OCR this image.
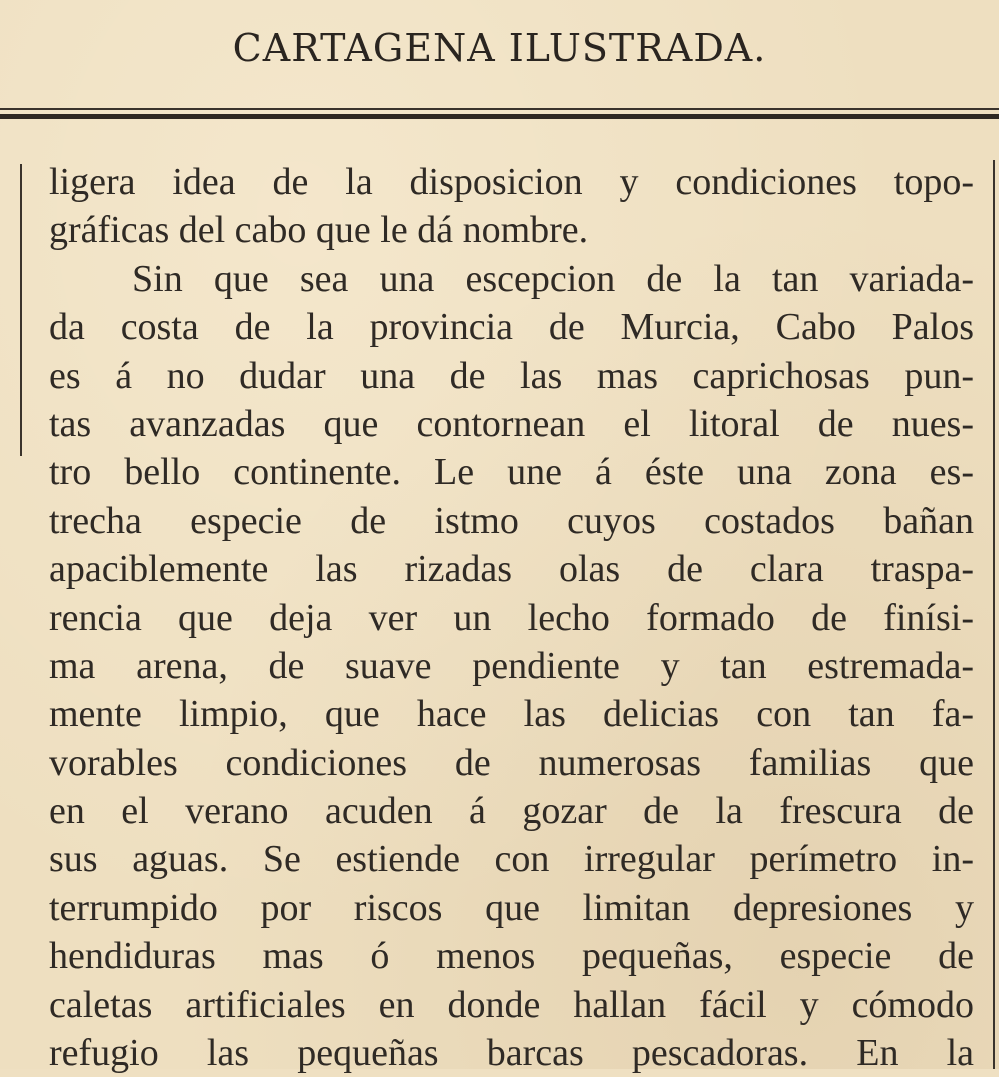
CARTAGENA ILUSTRADA.
ligera idea de la disposicion y condiciones topo-
gráficas del cabo que le dá nombre.
Sin que sea una escepcion de la tan variada-
da costa de la provincia de Murcia, Cabo Palos
es á no dudar una de las mas caprichosas pun-
tas avanzadas que contornean el litoral de nues-
tro bello continente. Le une á éste una zona es-
trecha especie de istmo cuyos costados bañan
apaciblemente las rizadas olas de clara traspa-
rencia que deja ver un lecho formado de finísi-
ma arena, de suave pendiente y tan estremada-
mente limpio, que hace las delicias con tan fa-
vorables condiciones de numerosas familias que
en el verano acuden á gozar de la frescura de
sus aguas. Se estiende con irregular perímetro in-
terrumpido por riscos que limitan depresiones y
hendiduras mas ó menos pequeñas, especie de
caletas artificiales en donde hallan fácil y cómodo
refugio las pequeñas barcas pescadoras. En la
